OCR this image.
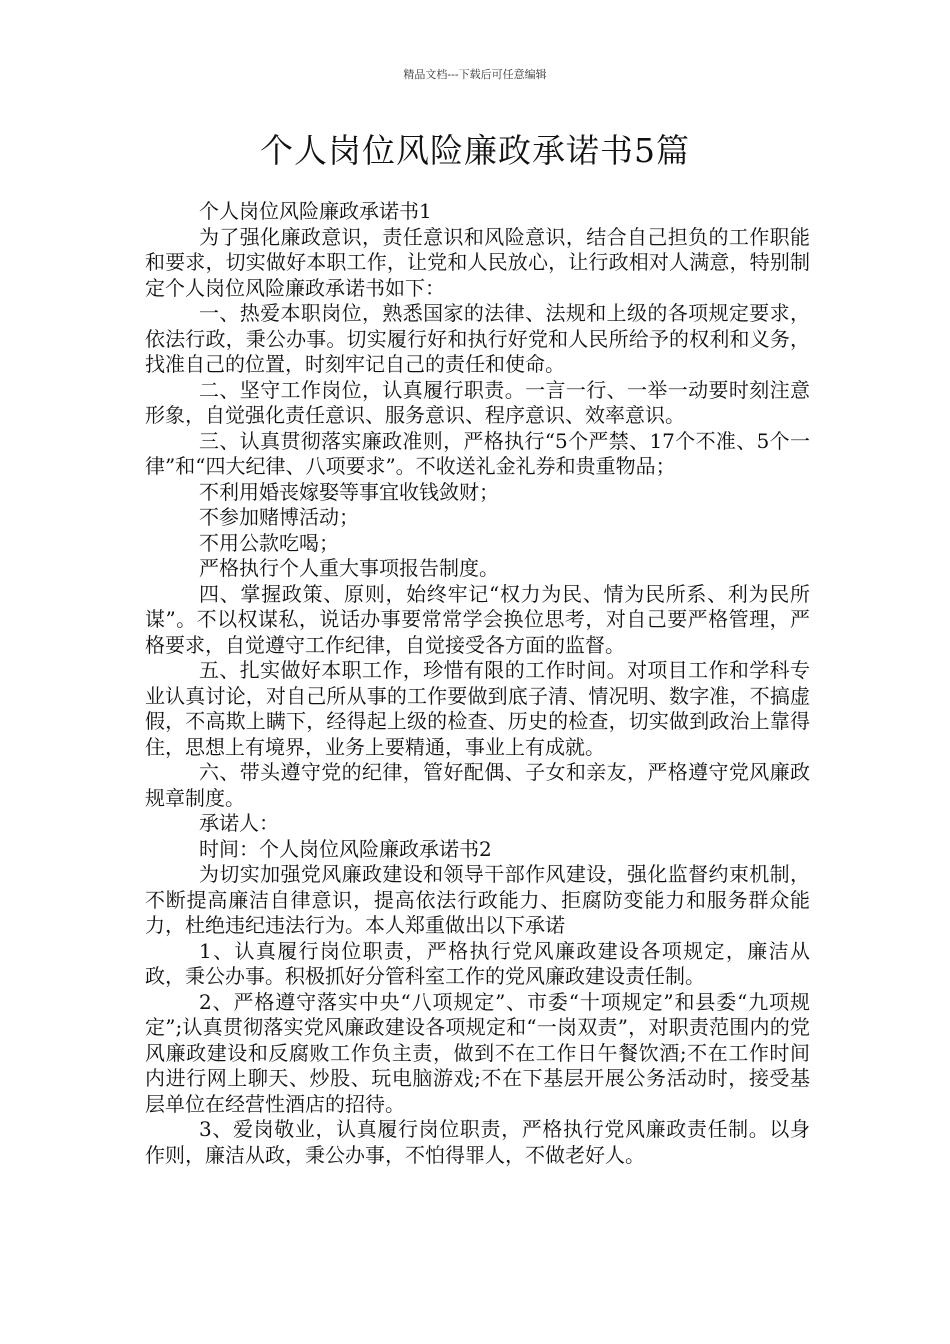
精品文档---下载后可任意编辑
个人岗位风险廉政承诺书5篇

个人岗位风险廉政承诺书1

为了强化廉政意识，责任意识和风险意识，结合自己担负的工作职能和要求，切实做好本职工作，让党和人民放心，让行政相对人满意，特别制定个人岗位风险廉政承诺书如下：

一、热爱本职岗位，熟悉国家的法律、法规和上级的各项规定要求，依法行政，秉公办事。切实履行好和执行好党和人民所给予的权利和义务，找准自己的位置，时刻牢记自己的责任和使命。

二、坚守工作岗位，认真履行职责。一言一行、一举一动要时刻注意形象，自觉强化责任意识、服务意识、程序意识、效率意识。

三、认真贯彻落实廉政准则，严格执行“5个严禁、17个不准、5个一律”和“四大纪律、八项要求”。不收送礼金礼券和贵重物品；

不利用婚丧嫁娶等事宜收钱敛财；

不参加赌博活动；

不用公款吃喝；

严格执行个人重大事项报告制度。

四、掌握政策、原则，始终牢记“权力为民、情为民所系、利为民所谋”。不以权谋私，说话办事要常常学会换位思考，对自己要严格管理，严格要求，自觉遵守工作纪律，自觉接受各方面的监督。

五、扎实做好本职工作，珍惜有限的工作时间。对项目工作和学科专业认真讨论，对自己所从事的工作要做到底子清、情况明、数字准，不搞虚假，不高欺上瞒下，经得起上级的检查、历史的检查，切实做到政治上靠得住，思想上有境界，业务上要精通，事业上有成就。

六、带头遵守党的纪律，管好配偶、子女和亲友，严格遵守党风廉政规章制度。

承诺人：

时间：个人岗位风险廉政承诺书2

为切实加强党风廉政建设和领导干部作风建设，强化监督约束机制，不断提高廉洁自律意识，提高依法行政能力、拒腐防变能力和服务群众能力，杜绝违纪违法行为。本人郑重做出以下承诺

1、认真履行岗位职责，严格执行党风廉政建设各项规定，廉洁从政，秉公办事。积极抓好分管科室工作的党风廉政建设责任制。

2、严格遵守落实中央“八项规定”、市委“十项规定”和县委“九项规定”;认真贯彻落实党风廉政建设各项规定和“一岗双责”，对职责范围内的党风廉政建设和反腐败工作负主责，做到不在工作日午餐饮酒;不在工作时间内进行网上聊天、炒股、玩电脑游戏;不在下基层开展公务活动时，接受基层单位在经营性酒店的招待。

3、爱岗敬业，认真履行岗位职责，严格执行党风廉政责任制。以身作则，廉洁从政，秉公办事，不怕得罪人，不做老好人。
